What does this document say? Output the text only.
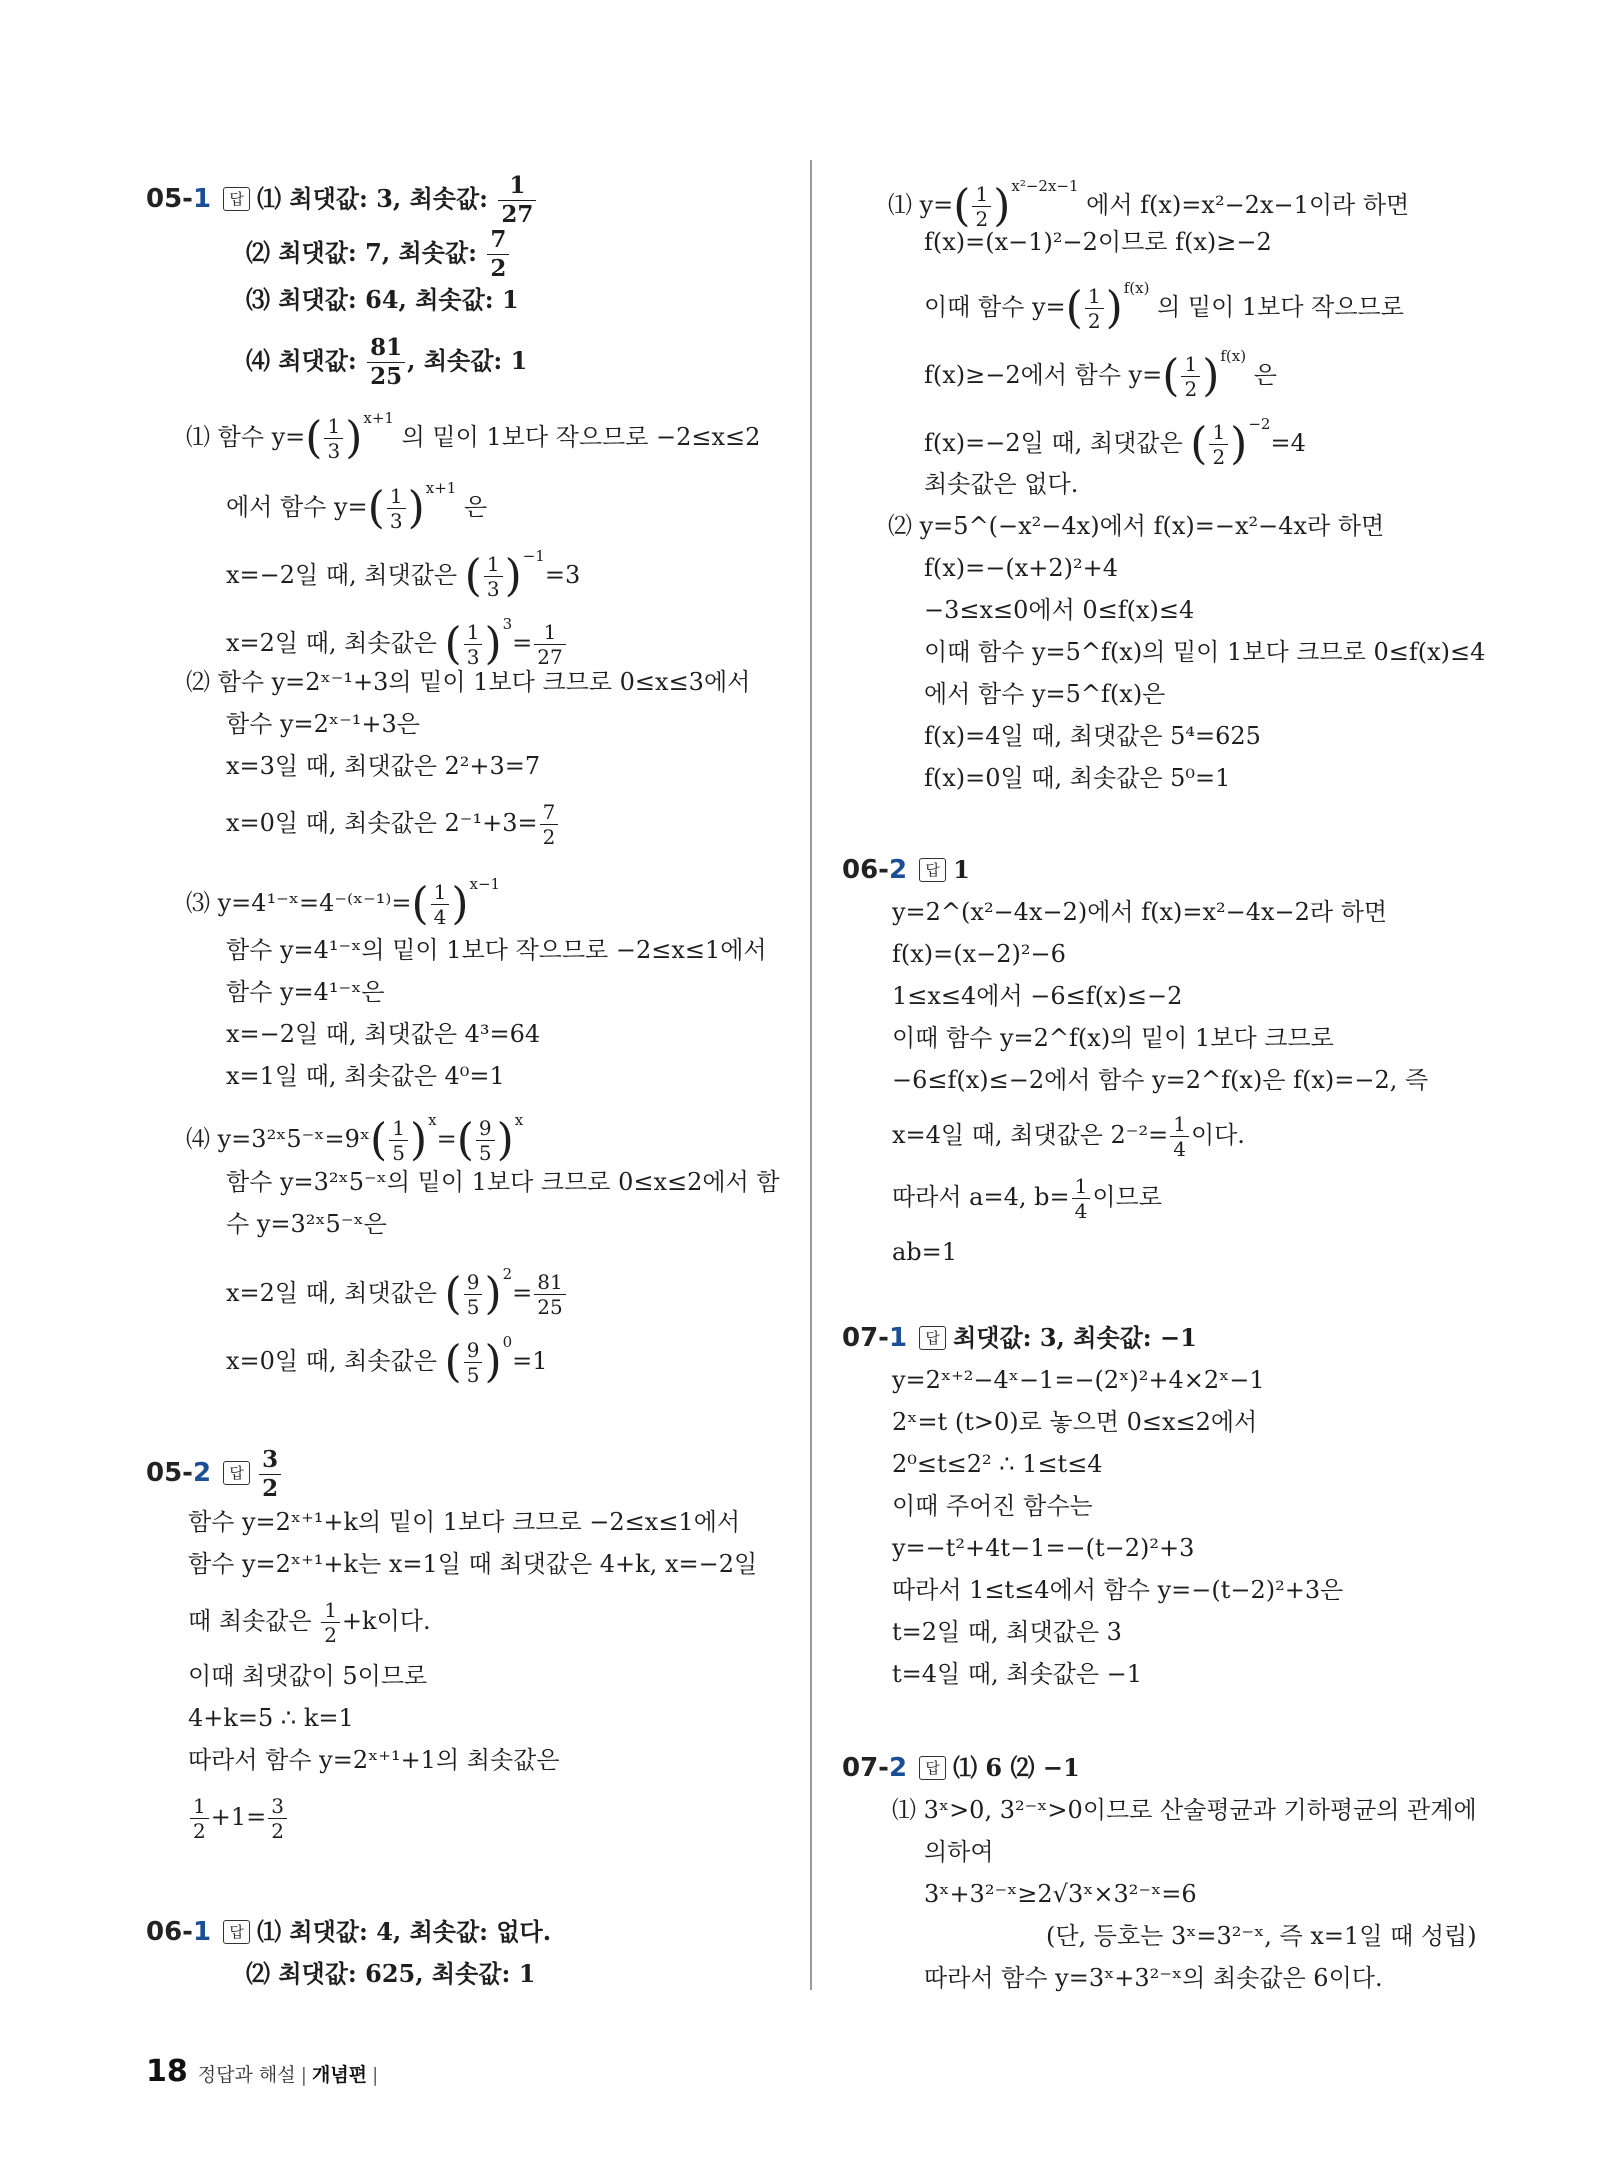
05-1 답 ⑴ 최댓값: 3, 최솟값: $\frac{1}{27}$
⑵ 최댓값: 7, 최솟값: $\frac{7}{2}$
⑶ 최댓값: 64, 최솟값: 1
⑷ 최댓값: $\frac{81}{25}$ , 최솟값: 1
⑴ 함수 $y=( \frac{1}{3} )^{x+1}$ 의 밑이 1보다 작으므로 −2≤x≤2
에서 함수 $y=( \frac{1}{3} )^{x+1}$ 은
x=−2일 때, 최댓값은 ( $\frac{1}{3} )^{-1}=3$
x=2일 때, 최솟값은 ( $\frac{1}{3} )^3= \frac{1}{27}$
⑵ 함수 y=2ˣ⁻¹+3의 밑이 1보다 크므로 0≤x≤3에서
함수 y=2ˣ⁻¹+3은
x=3일 때, 최댓값은 2²+3=7
x=0일 때, 최솟값은 $2^{-1}+3= \frac{7}{2}$
⑶ y=4¹⁻ˣ=4⁻⁽ˣ⁻¹⁾=( $\frac{1}{4} )^{x-1}$
함수 y=4¹⁻ˣ의 밑이 1보다 작으므로 −2≤x≤1에서
함수 y=4¹⁻ˣ은
x=−2일 때, 최댓값은 4³=64
x=1일 때, 최솟값은 4⁰=1
⑷ y=3²ˣ5⁻ˣ=9ˣ( $\frac{1}{5} )^x=( \frac{9}{5} )^x$
함수 y=3²ˣ5⁻ˣ의 밑이 1보다 크므로 0≤x≤2에서 함
수 y=3²ˣ5⁻ˣ은
x=2일 때, 최댓값은 ( $\frac{9}{5} )^2= \frac{81}{25}$
x=0일 때, 최솟값은 ( $\frac{9}{5} )^0=1$
05-2 답 $\frac{3}{2}$
함수 y=2ˣ⁺¹+k의 밑이 1보다 크므로 −2≤x≤1에서
함수 y=2ˣ⁺¹+k는 x=1일 때 최댓값은 4+k, x=−2일
때 최솟값은 $\frac{1}{2} +k$이다.
이때 최댓값이 5이므로
4+k=5 ∴ k=1
따라서 함수 y=2ˣ⁺¹+1의 최솟값은
$\frac{1}{2} +1= \frac{3}{2}$
06-1 답 ⑴ 최댓값: 4, 최솟값: 없다.
⑵ 최댓값: 625, 최솟값: 1
⑴ $y=( \frac{1}{2} )^{x^2-2x-1}$ 에서 f(x)=x²−2x−1이라 하면
f(x)=(x−1)²−2이므로 f(x)≥−2
이때 함수 $y=( \frac{1}{2} )^{f(x)}$ 의 밑이 1보다 작으므로
f(x)≥−2에서 함수 $y=( \frac{1}{2} )^{f(x)}$ 은
f(x)=−2일 때, 최댓값은 ( $\frac{1}{2} )^{-2}=4$
최솟값은 없다.
⑵ y=5^(−x²−4x)에서 f(x)=−x²−4x라 하면
f(x)=−(x+2)²+4
−3≤x≤0에서 0≤f(x)≤4
이때 함수 y=5^f(x)의 밑이 1보다 크므로 0≤f(x)≤4
에서 함수 y=5^f(x)은
f(x)=4일 때, 최댓값은 5⁴=625
f(x)=0일 때, 최솟값은 5⁰=1
06-2 답 1
y=2^(x²−4x−2)에서 f(x)=x²−4x−2라 하면
f(x)=(x−2)²−6
1≤x≤4에서 −6≤f(x)≤−2
이때 함수 y=2^f(x)의 밑이 1보다 크므로
−6≤f(x)≤−2에서 함수 y=2^f(x)은 f(x)=−2, 즉
x=4일 때, 최댓값은 $2^{-2}= \frac{1}{4}$ 이다.
따라서 a=4, $b= \frac{1}{4}$ 이므로
ab=1
07-1 답 최댓값: 3, 최솟값: −1
y=2ˣ⁺²−4ˣ−1=−(2ˣ)²+4×2ˣ−1
2ˣ=t (t>0)로 놓으면 0≤x≤2에서
2⁰≤t≤2² ∴ 1≤t≤4
이때 주어진 함수는
y=−t²+4t−1=−(t−2)²+3
따라서 1≤t≤4에서 함수 y=−(t−2)²+3은
t=2일 때, 최댓값은 3
t=4일 때, 최솟값은 −1
07-2 답 ⑴ 6 ⑵ −1
⑴ 3ˣ>0, 3²⁻ˣ>0이므로 산술평균과 기하평균의 관계에
의하여
3ˣ+3²⁻ˣ≥2√3ˣ×3²⁻ˣ=6
(단, 등호는 3ˣ=3²⁻ˣ, 즉 x=1일 때 성립)
따라서 함수 y=3ˣ+3²⁻ˣ의 최솟값은 6이다.
18 정답과 해설 | 개념편 |
